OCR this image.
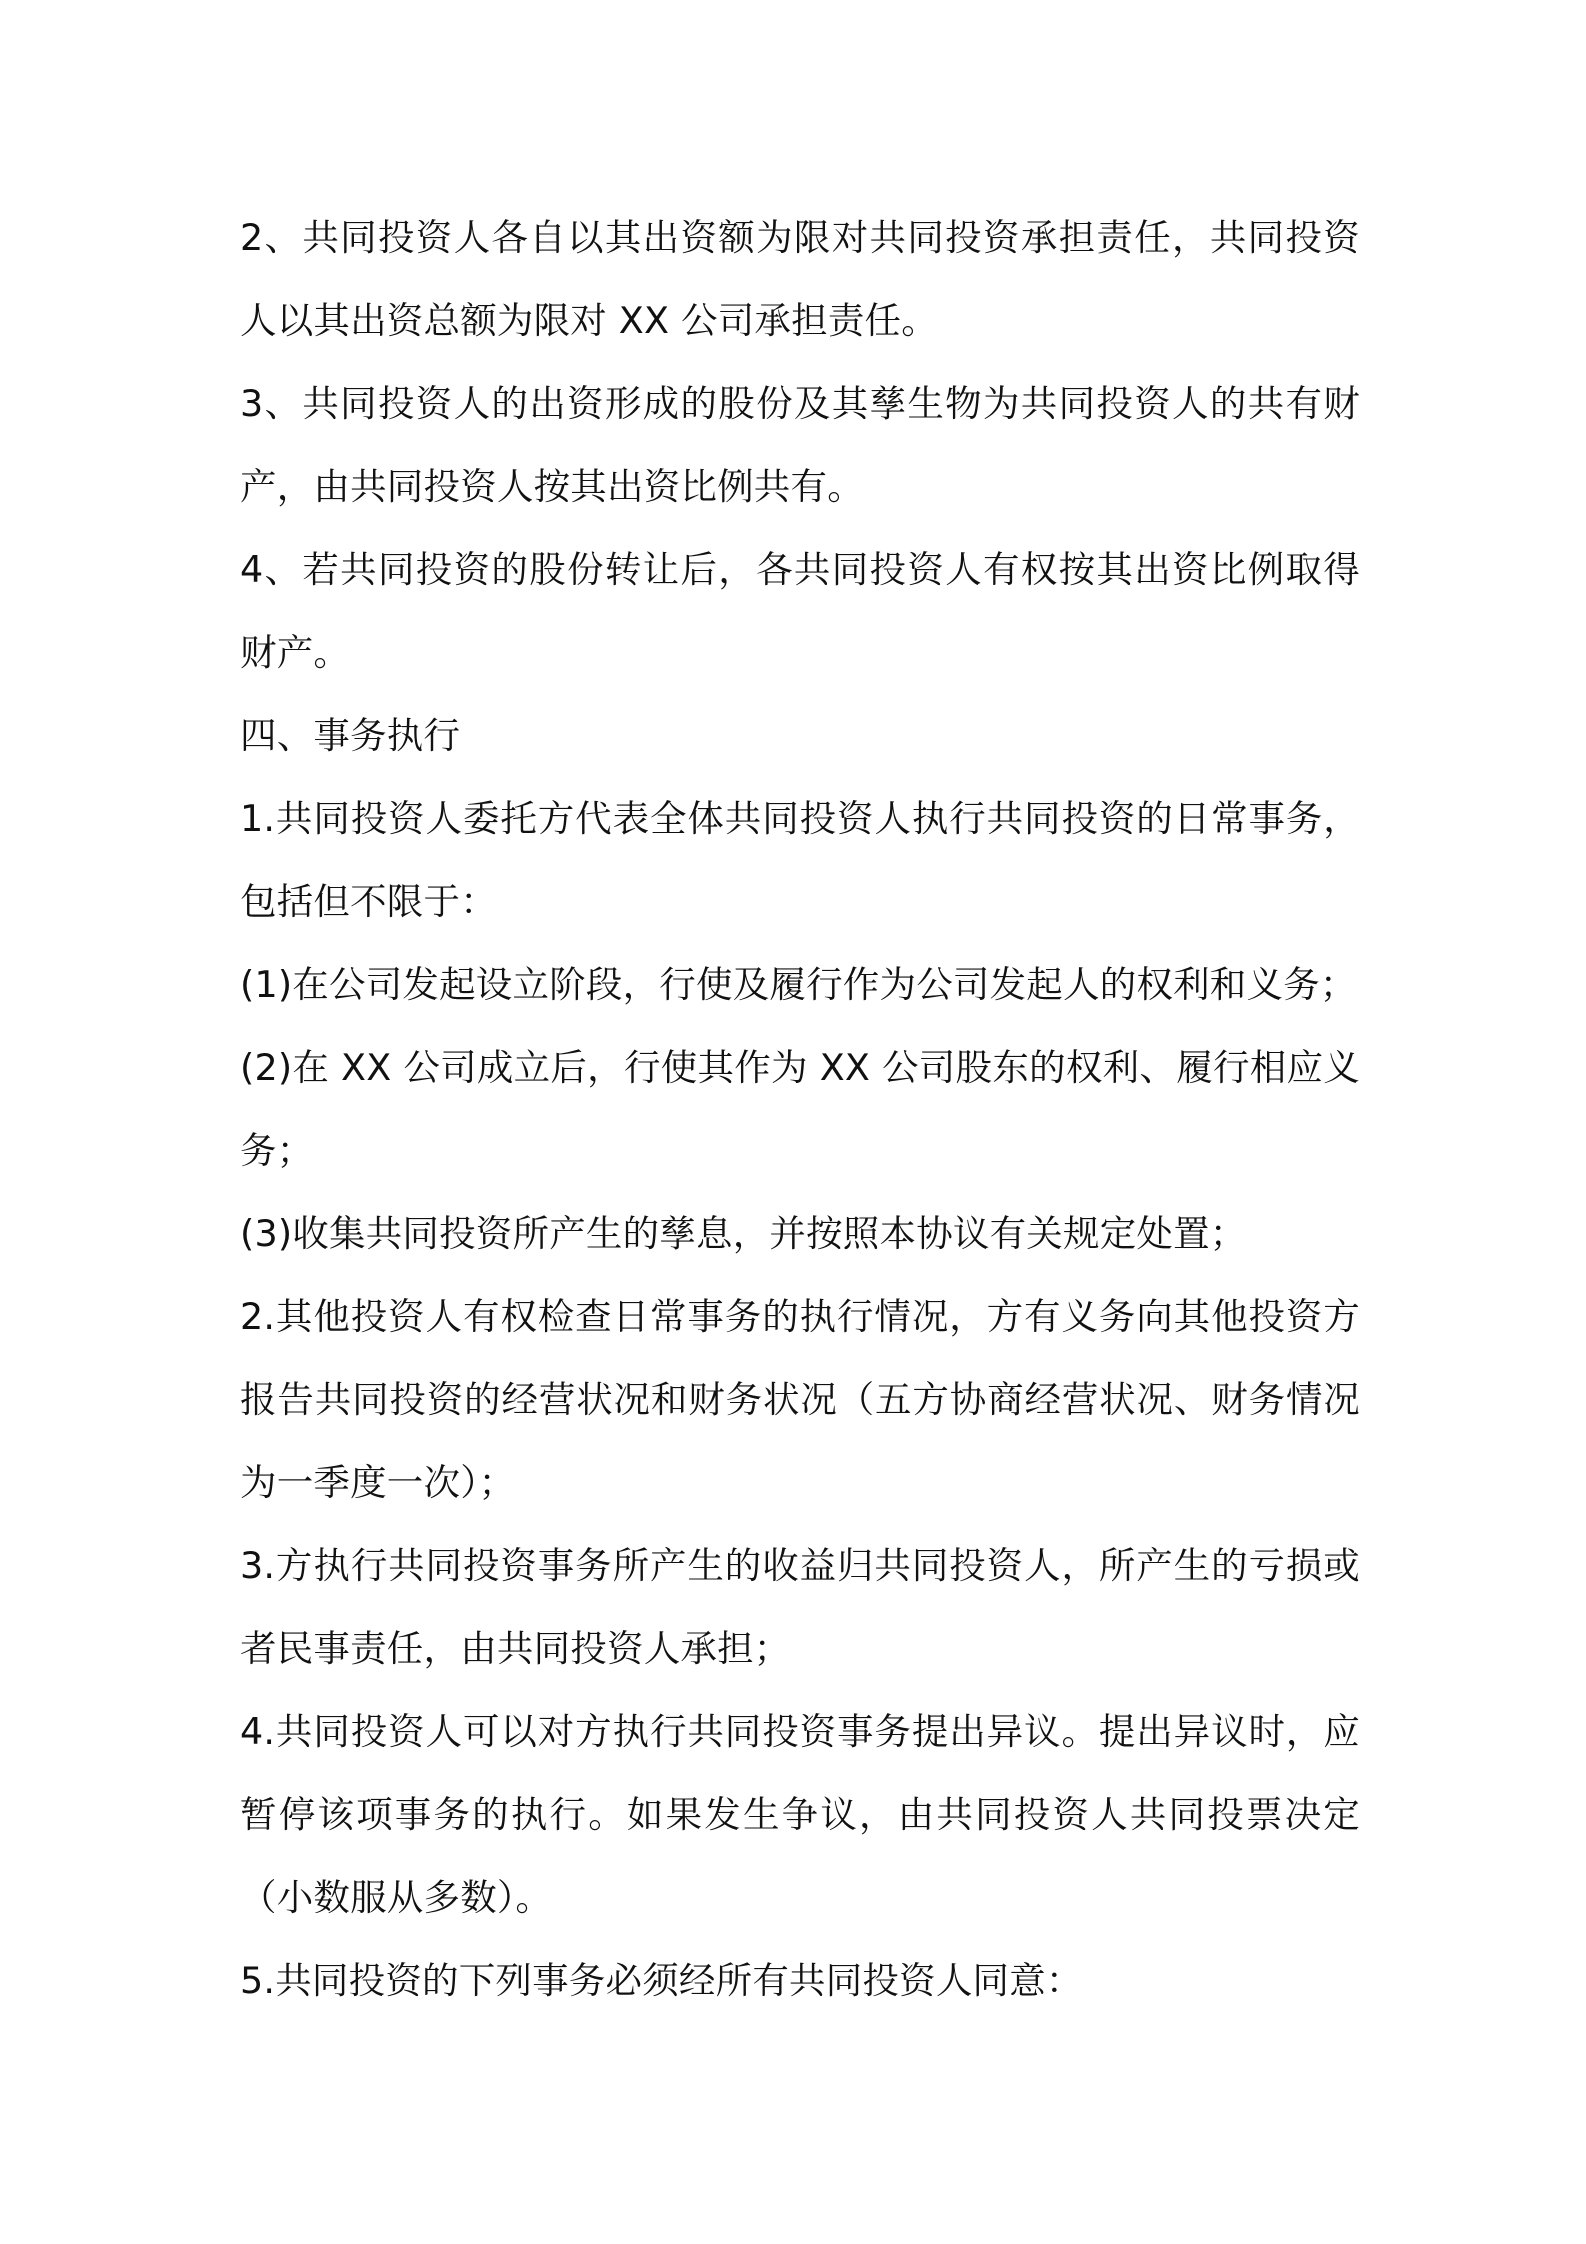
2、共同投资人各自以其出资额为限对共同投资承担责任，共同投资人以其出资总额为限对 XX 公司承担责任。

3、共同投资人的出资形成的股份及其孳生物为共同投资人的共有财产，由共同投资人按其出资比例共有。

4、若共同投资的股份转让后，各共同投资人有权按其出资比例取得财产。

四、事务执行

1.共同投资人委托方代表全体共同投资人执行共同投资的日常事务，包括但不限于：

(1)在公司发起设立阶段，行使及履行作为公司发起人的权利和义务；

(2)在 XX 公司成立后，行使其作为 XX 公司股东的权利、履行相应义务；

(3)收集共同投资所产生的孳息，并按照本协议有关规定处置；

2.其他投资人有权检查日常事务的执行情况，方有义务向其他投资方报告共同投资的经营状况和财务状况（五方协商经营状况、财务情况为一季度一次）；

3.方执行共同投资事务所产生的收益归共同投资人，所产生的亏损或者民事责任，由共同投资人承担；

4.共同投资人可以对方执行共同投资事务提出异议。提出异议时，应暂停该项事务的执行。如果发生争议，由共同投资人共同投票决定（小数服从多数）。

5.共同投资的下列事务必须经所有共同投资人同意：
